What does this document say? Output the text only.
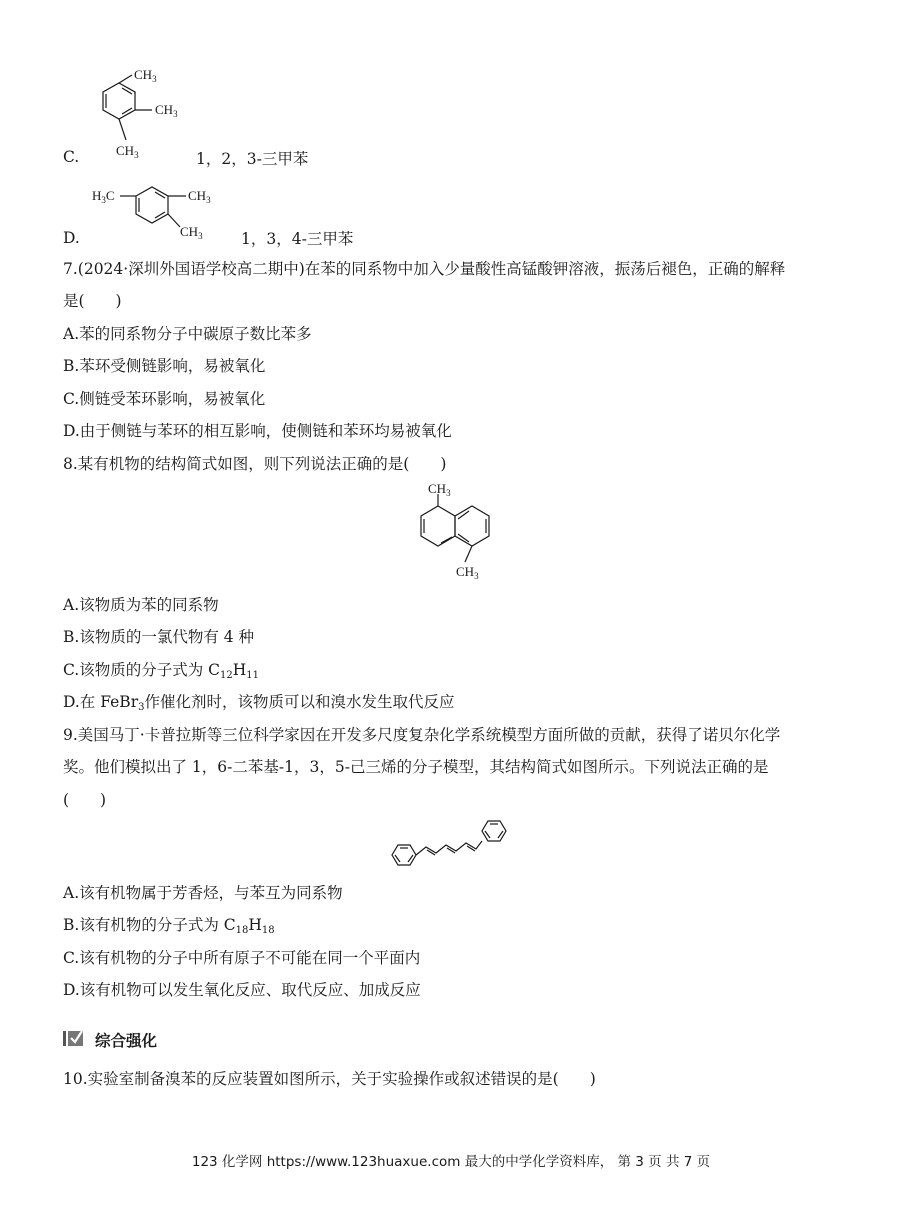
$CH_3$
$CH_3$
$CH_3$
C.	1，2，3-三甲苯
$H_3C$	$CH_3$
$CH_3$
D.	1，3，4-三甲苯
7.(2024·深圳外国语学校高二期中)在苯的同系物中加入少量酸性高锰酸钾溶液，振荡后褪色，正确的解释
是(　　)
A.苯的同系物分子中碳原子数比苯多
B.苯环受侧链影响，易被氧化
C.侧链受苯环影响，易被氧化
D.由于侧链与苯环的相互影响，使侧链和苯环均易被氧化
8.某有机物的结构简式如图，则下列说法正确的是(　　)
$CH_3$
$CH_3$
A.该物质为苯的同系物
B.该物质的一氯代物有 4 种
C.该物质的分子式为 $C_{12}H_{11}$
D.在 FeBr$_3$作催化剂时，该物质可以和溴水发生取代反应
9.美国马丁·卡普拉斯等三位科学家因在开发多尺度复杂化学系统模型方面所做的贡献，获得了诺贝尔化学
奖。他们模拟出了 1，6-二苯基-1，3，5-己三烯的分子模型，其结构简式如图所示。下列说法正确的是
(　　)
A.该有机物属于芳香烃，与苯互为同系物
B.该有机物的分子式为 $C_{18}H_{18}$
C.该有机物的分子中所有原子不可能在同一个平面内
D.该有机物可以发生氧化反应、取代反应、加成反应
综合强化
10.实验室制备溴苯的反应装置如图所示，关于实验操作或叙述错误的是(　　)
123 化学网 https://www.123huaxue.com 最大的中学化学资料库， 第 3 页 共 7 页
